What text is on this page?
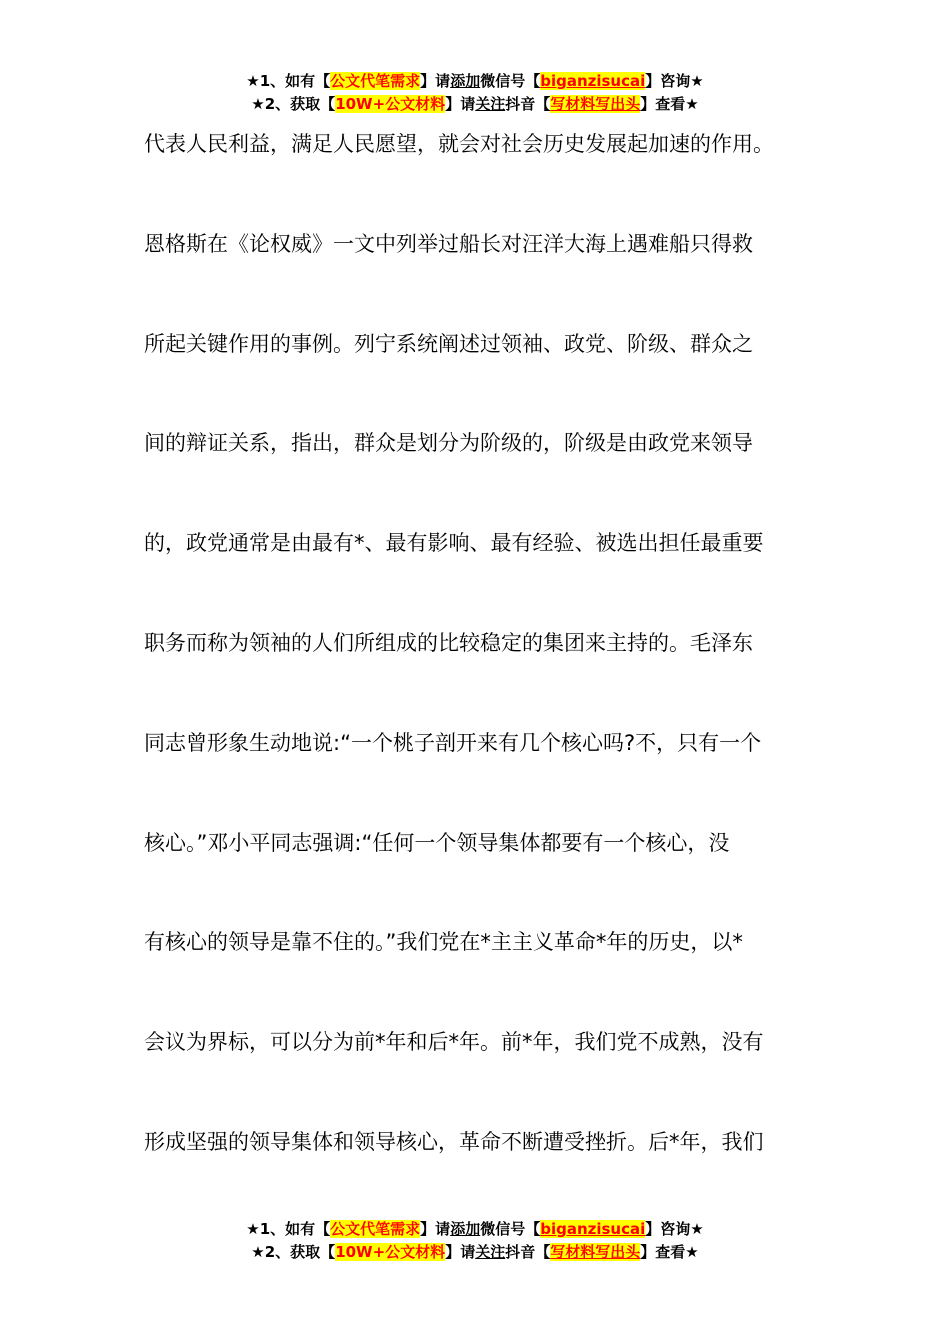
★1、如有【公文代笔需求】请添加微信号【biganzisucai】咨询★
★2、获取【10W+公文材料】请关注抖音【写材料写出头】查看★
代表人民利益，满足人民愿望，就会对社会历史发展起加速的作用。
恩格斯在《论权威》一文中列举过船长对汪洋大海上遇难船只得救
所起关键作用的事例。列宁系统阐述过领袖、政党、阶级、群众之
间的辩证关系，指出，群众是划分为阶级的，阶级是由政党来领导
的，政党通常是由最有*、最有影响、最有经验、被选出担任最重要
职务而称为领袖的人们所组成的比较稳定的集团来主持的。毛泽东
同志曾形象生动地说:“一个桃子剖开来有几个核心吗?不，只有一个
核心。”邓小平同志强调:“任何一个领导集体都要有一个核心，没
有核心的领导是靠不住的。”我们党在*主主义革命*年的历史，以*
会议为界标，可以分为前*年和后*年。前*年，我们党不成熟，没有
形成坚强的领导集体和领导核心，革命不断遭受挫折。后*年，我们
★1、如有【公文代笔需求】请添加微信号【biganzisucai】咨询★
★2、获取【10W+公文材料】请关注抖音【写材料写出头】查看★
